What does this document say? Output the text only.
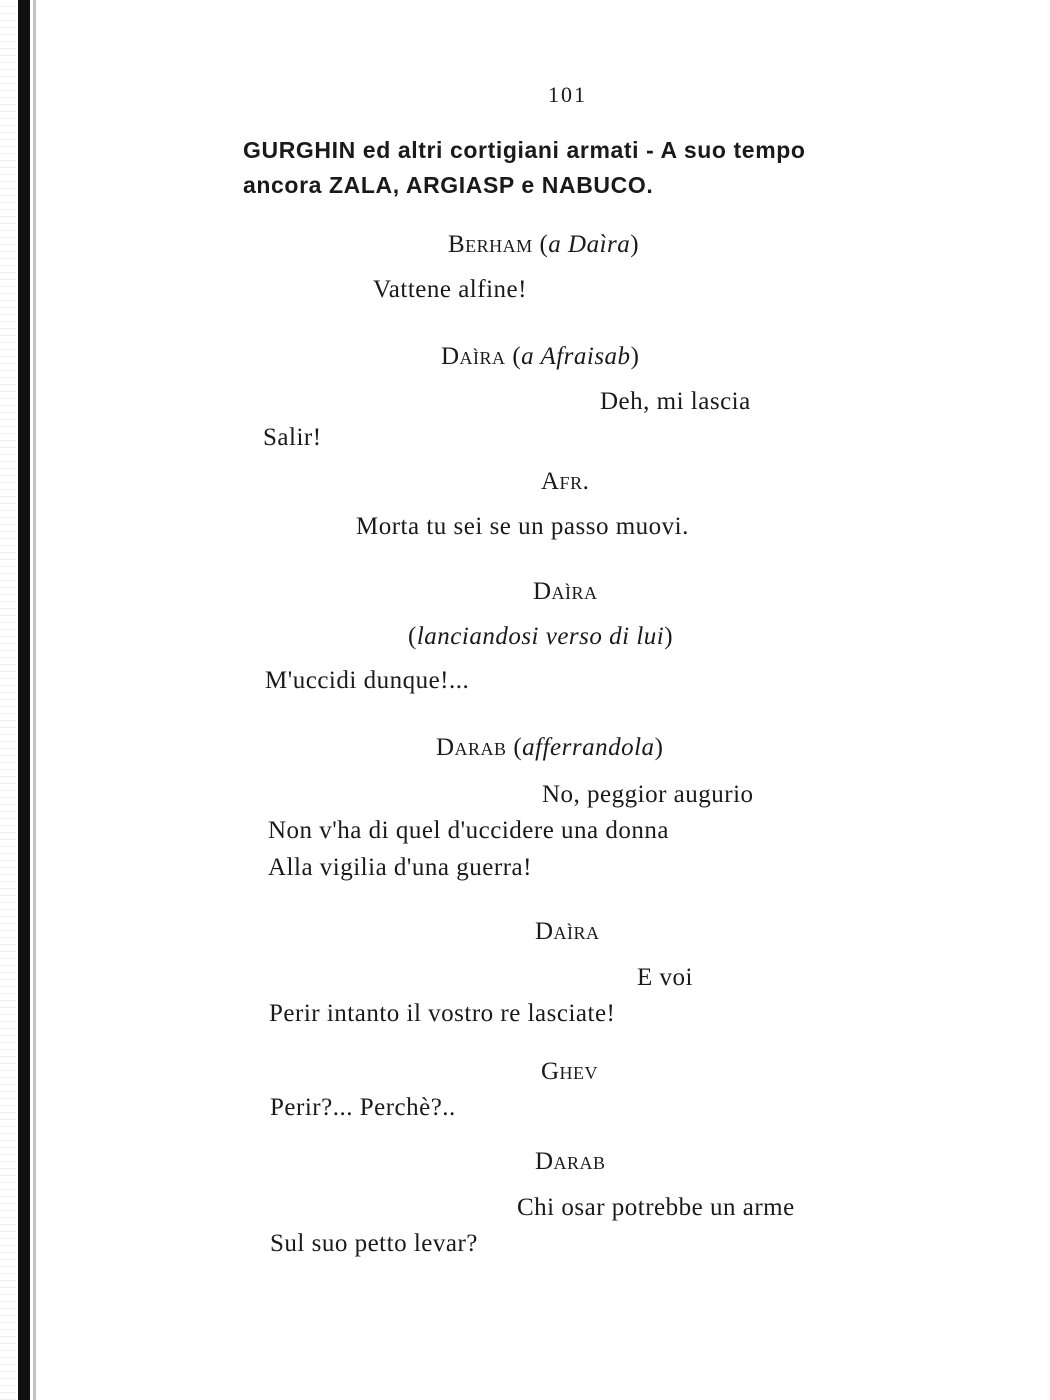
101
GURGHIN ed altri cortigiani armati - A suo tempo
ancora ZALA, ARGIASP e NABUCO.
Berham (a Daìra)
Vattene alfine!
Daìra (a Afraisab)
Deh, mi lascia
Salir!
Afr.
Morta tu sei se un passo muovi.
Daìra
(lanciandosi verso di lui)
M'uccidi dunque!...
Darab (afferrandola)
No, peggior augurio
Non v'ha di quel d'uccidere una donna
Alla vigilia d'una guerra!
Daìra
E voi
Perir intanto il vostro re lasciate!
Ghev
Perir?... Perchè?..
Darab
Chi osar potrebbe un arme
Sul suo petto levar?
